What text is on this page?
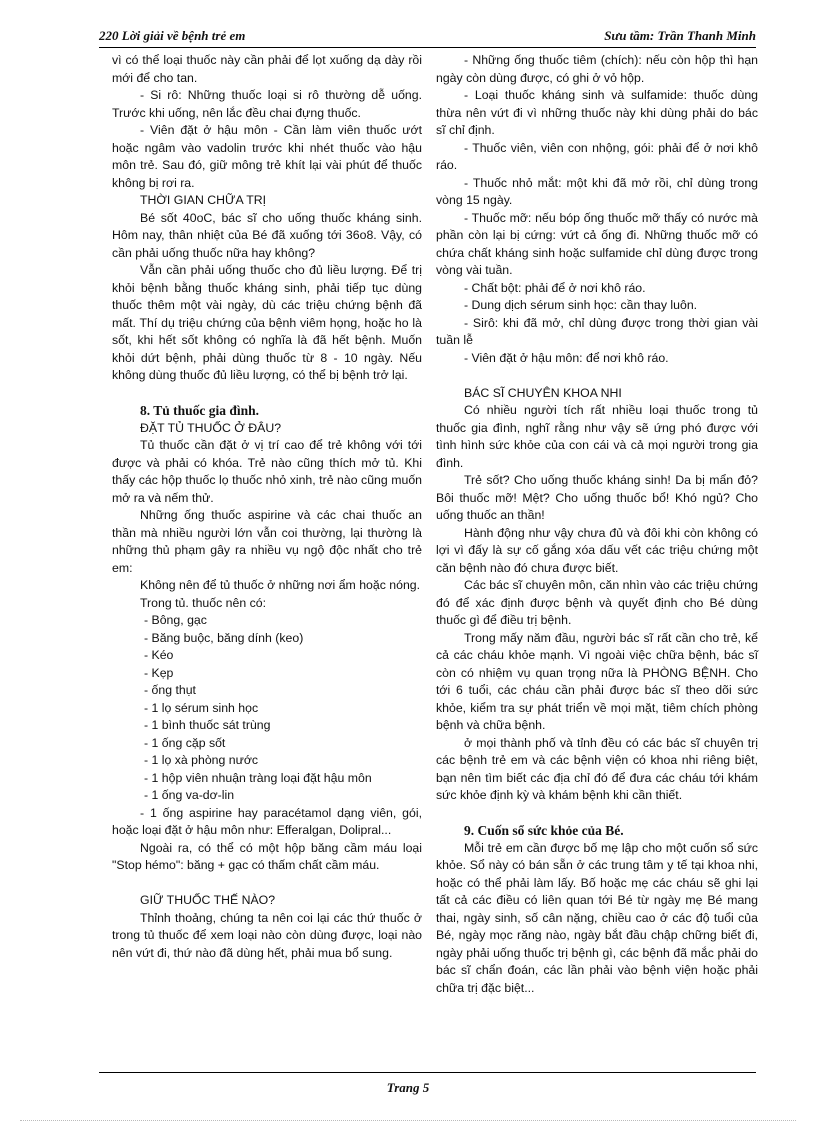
220 Lời giải về bệnh trẻ em	Sưu tầm: Trần Thanh Minh

vì có thể loại thuốc này cần phải để lọt xuống dạ dày rồi mới để cho tan.

- Si rô: Những thuốc loại si rô thường dễ uống. Trước khi uống, nên lắc đều chai đựng thuốc.

- Viên đặt ở hậu môn - Cần làm viên thuốc ướt hoặc ngâm vào vadolin trước khi nhét thuốc vào hậu môn trẻ. Sau đó, giữ mông trẻ khít lại vài phút để thuốc không bị rơi ra.

THỜI GIAN CHỮA TRỊ

Bé sốt 40oC, bác sĩ cho uống thuốc kháng sinh. Hôm nay, thân nhiệt của Bé đã xuống tới 36o8. Vậy, có cần phải uống thuốc nữa hay không?

Vẫn cần phải uống thuốc cho đủ liều lượng. Để trị khỏi bệnh bằng thuốc kháng sinh, phải tiếp tục dùng thuốc thêm một vài ngày, dù các triệu chứng bệnh đã mất. Thí dụ triệu chứng của bệnh viêm họng, hoặc ho là sốt, khi hết sốt không có nghĩa là đã hết bệnh. Muốn khỏi dứt bệnh, phải dùng thuốc từ 8 - 10 ngày. Nếu không dùng thuốc đủ liều lượng, có thể bị bệnh trở lại.

8. Tủ thuốc gia đình.

ĐẶT TỦ THUỐC Ở ĐÂU?

Tủ thuốc cần đặt ở vị trí cao để trẻ không với tới được và phải có khóa. Trẻ nào cũng thích mở tủ. Khi thấy các hộp thuốc lọ thuốc nhỏ xinh, trẻ nào cũng muốn mở ra và nếm thử.

Những ống thuốc aspirine và các chai thuốc an thần mà nhiều người lớn vẫn coi thường, lại thường là những thủ phạm gây ra nhiều vụ ngộ độc nhất cho trẻ em:

Không nên để tủ thuốc ở những nơi ẩm hoặc nóng.

Trong tủ. thuốc nên có:

- Bông, gạc

- Băng buộc, băng dính (keo)

- Kéo

- Kẹp

- ống thụt

- 1 lọ sérum sinh học

- 1 bình thuốc sát trùng

- 1 ống cặp sốt

- 1 lọ xà phòng nước

- 1 hộp viên nhuận tràng loại đặt hậu môn

- 1 ống va-dơ-lin

- 1 ống aspirine hay paracétamol dạng viên, gói, hoặc loại đặt ở hậu môn như: Efferalgan, Dolipral...

Ngoài ra, có thể có một hộp băng cầm máu loại "Stop hémo": băng + gạc có thấm chất cầm máu.

GIỮ THUỐC THẾ NÀO?

Thỉnh thoảng, chúng ta nên coi lại các thứ thuốc ở trong tủ thuốc để xem loại nào còn dùng được, loại nào nên vứt đi, thứ nào đã dùng hết, phải mua bổ sung.

- Những ống thuốc tiêm (chích): nếu còn hộp thì hạn ngày còn dùng được, có ghi ở vỏ hộp.

- Loại thuốc kháng sinh và sulfamide: thuốc dùng thừa nên vứt đi vì những thuốc này khi dùng phải do bác sĩ chỉ định.

- Thuốc viên, viên con nhộng, gói: phải để ở nơi khô ráo.

- Thuốc nhỏ mắt: một khi đã mở rồi, chỉ dùng trong vòng 15 ngày.

- Thuốc mỡ: nếu bóp ống thuốc mỡ thấy có nước mà phần còn lại bị cứng: vứt cả ống đi. Những thuốc mỡ có chứa chất kháng sinh hoặc sulfamide chỉ dùng được trong vòng vài tuần.

- Chất bột: phải để ở nơi khô ráo.

- Dung dịch sérum sinh học: cần thay luôn.

- Sirô: khi đã mở, chỉ dùng được trong thời gian vài tuần lễ

- Viên đặt ở hậu môn: để nơi khô ráo.

BÁC SĨ CHUYÊN KHOA NHI

Có nhiều người tích rất nhiều loại thuốc trong tủ thuốc gia đình, nghĩ rằng như vậy sẽ ứng phó được với tình hình sức khỏe của con cái và cả mọi người trong gia đình.

Trẻ sốt? Cho uống thuốc kháng sinh! Da bị mẩn đỏ? Bôi thuốc mỡ! Mệt? Cho uống thuốc bổ! Khó ngủ? Cho uống thuốc an thần!

Hành động như vậy chưa đủ và đôi khi còn không có lợi vì đấy là sự cố gắng xóa dấu vết các triệu chứng một căn bệnh nào đó chưa được biết.

Các bác sĩ chuyên môn, căn nhìn vào các triệu chứng đó để xác định được bệnh và quyết định cho Bé dùng thuốc gì để điều trị bệnh.

Trong mấy năm đầu, người bác sĩ rất cần cho trẻ, kể cả các cháu khỏe mạnh. Vì ngoài việc chữa bệnh, bác sĩ còn có nhiệm vụ quan trọng nữa là PHÒNG BỆNH. Cho tới 6 tuổi, các cháu cần phải được bác sĩ theo dõi sức khỏe, kiểm tra sự phát triển về mọi mặt, tiêm chích phòng bệnh và chữa bệnh.

ở mọi thành phố và tỉnh đều có các bác sĩ chuyên trị các bệnh trẻ em và các bệnh viện có khoa nhi riêng biệt, bạn nên tìm biết các địa chỉ đó để đưa các cháu tới khám sức khỏe định kỳ và khám bệnh khi cần thiết.

9. Cuốn sổ sức khỏe của Bé.

Mỗi trẻ em cần được bố mẹ lập cho một cuốn sổ sức khỏe. Sổ này có bán sẵn ở các trung tâm y tế tại khoa nhi, hoặc có thể phải làm lấy. Bố hoặc mẹ các cháu sẽ ghi lại tất cả các điều có liên quan tới Bé từ ngày mẹ Bé mang thai, ngày sinh, số cân nặng, chiều cao ở các độ tuổi của Bé, ngày mọc răng nào, ngày bắt đầu chập chững biết đi, ngày phải uống thuốc trị bệnh gì, các bệnh đã mắc phải do bác sĩ chẩn đoán, các lần phải vào bệnh viện hoặc phải chữa trị đặc biệt...

Trang 5
